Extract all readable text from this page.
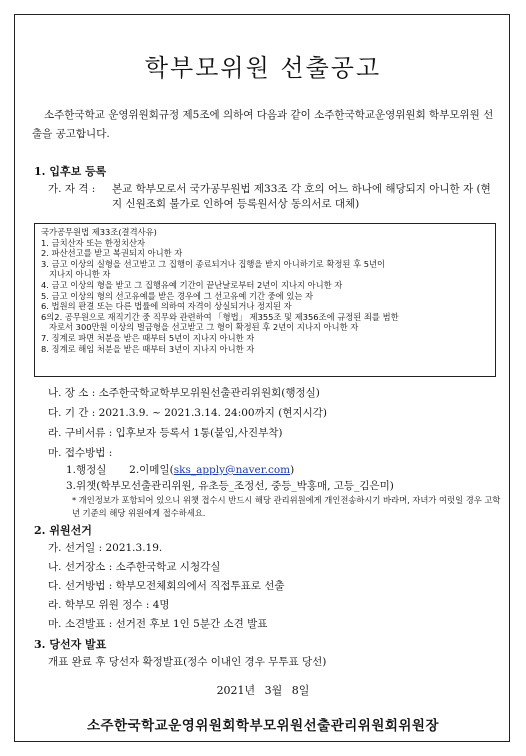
학부모위원 선출공고
소주한국학교 운영위원회규정 제5조에 의하여 다음과 같이 소주한국학교운영위원회 학부모위원 선출을 공고합니다.
1. 입후보 등록
가. 자 격 : 본교 학부모로서 국가공무원법 제33조 각 호의 어느 하나에 해당되지 아니한 자 (현지 신원조회 불가로 인하여 등록원서상 동의서로 대체)
국가공무원법 제33조(결격사유)
1. 금치산자 또는 한정치산자
2. 파산선고를 받고 복권되지 아니한 자
3. 금고 이상의 실형을 선고받고 그 집행이 종료되거나 집행을 받지 아니하기로 확정된 후 5년이
지나지 아니한 자
4. 금고 이상의 형을 받고 그 집행유예 기간이 끝난날로부터 2년이 지나지 아니한 자
5. 금고 이상의 형의 선고유예를 받은 경우에 그 선고유예 기간 중에 있는 자
6. 법원의 판결 또는 다른 법률에 의하여 자격이 상실되거나 정지된 자
6의2. 공무원으로 재직기간 중 직무와 관련하여 「형법」 제355조 및 제356조에 규정된 죄를 범한
자로서 300만원 이상의 벌금형을 선고받고 그 형이 확정된 후 2년이 지나지 아니한 자
7. 징계로 파면 처분을 받은 때부터 5년이 지나지 아니한 자
8. 징계로 해임 처분을 받은 때부터 3년이 지나지 아니한 자
나. 장 소 : 소주한국학교학부모위원선출관리위원회(행정실)
다. 기 간 : 2021.3.9. ~ 2021.3.14. 24:00까지 (현지시각)
라. 구비서류 : 입후보자 등록서 1통(붙임,사진부착)
마. 접수방법 :
1.행정실 2.이메일(sks_apply@naver.com)
3.위챗(학부모선출관리위원, 유초등_조정선, 중등_박홍매, 고등_김은미)
* 개인정보가 포함되어 있으니 위챗 접수시 반드시 해당 관리위원에게 개인전송하시기 바라며, 자녀가 여럿일 경우 고학년 기준의 해당 위원에게 접수하세요.
2. 위원선거
가. 선거일 : 2021.3.19.
나. 선거장소 : 소주한국학교 시청각실
다. 선거방법 : 학부모전체회의에서 직접투표로 선출
라. 학부모 위원 정수 : 4명
마. 소견발표 : 선거전 후보 1인 5분간 소견 발표
3. 당선자 발표
개표 완료 후 당선자 확정발표(정수 이내인 경우 무투표 당선)
2021년 3월 8일
소주한국학교운영위원회학부모위원선출관리위원회위원장
